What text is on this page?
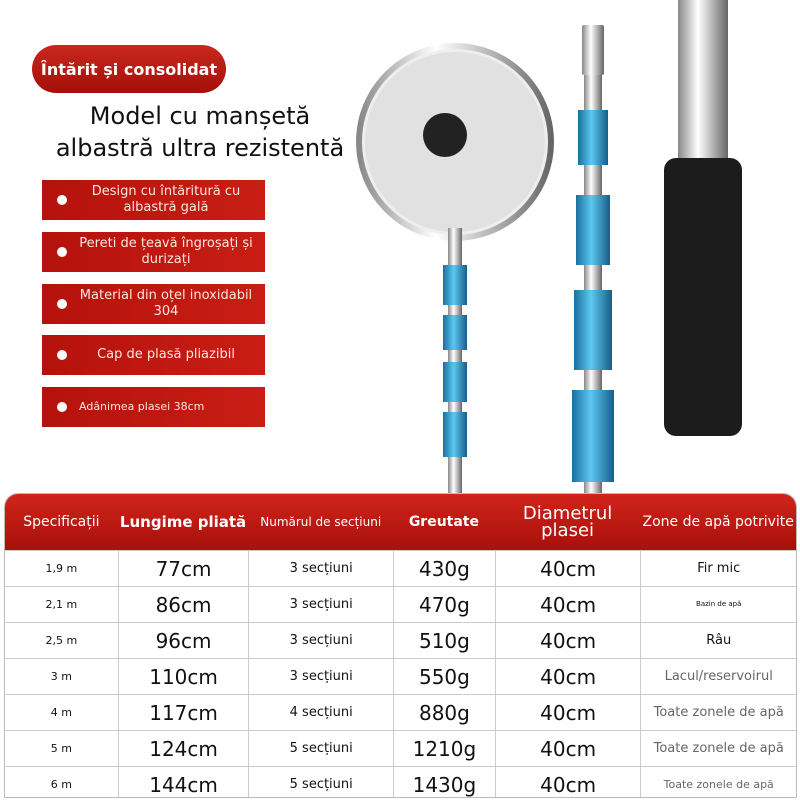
Întărit și consolidat
Model cu manșetă albastră ultra rezistentă
Design cu întăritură cu albastră gală
Pereti de țeavă îngroșați și durizați
Material din oțel inoxidabil 304
Cap de plasă pliazibil
Adânimea plasei 38cm
Specificații	Lungime pliată	Numărul de secțiuni	Greutate	Diametrul plasei	Zone de apă potrivite
1,9 m	77cm	3 secțiuni	430g	40cm	Fir mic
2,1 m	86cm	3 secțiuni	470g	40cm	Bazin de apă
2,5 m	96cm	3 secțiuni	510g	40cm	Râu
3 m	110cm	3 secțiuni	550g	40cm	Lacul/reservoirul
4 m	117cm	4 secțiuni	880g	40cm	Toate zonele de apă
5 m	124cm	5 secțiuni	1210g	40cm	Toate zonele de apă
6 m	144cm	5 secțiuni	1430g	40cm	Toate zonele de apă
